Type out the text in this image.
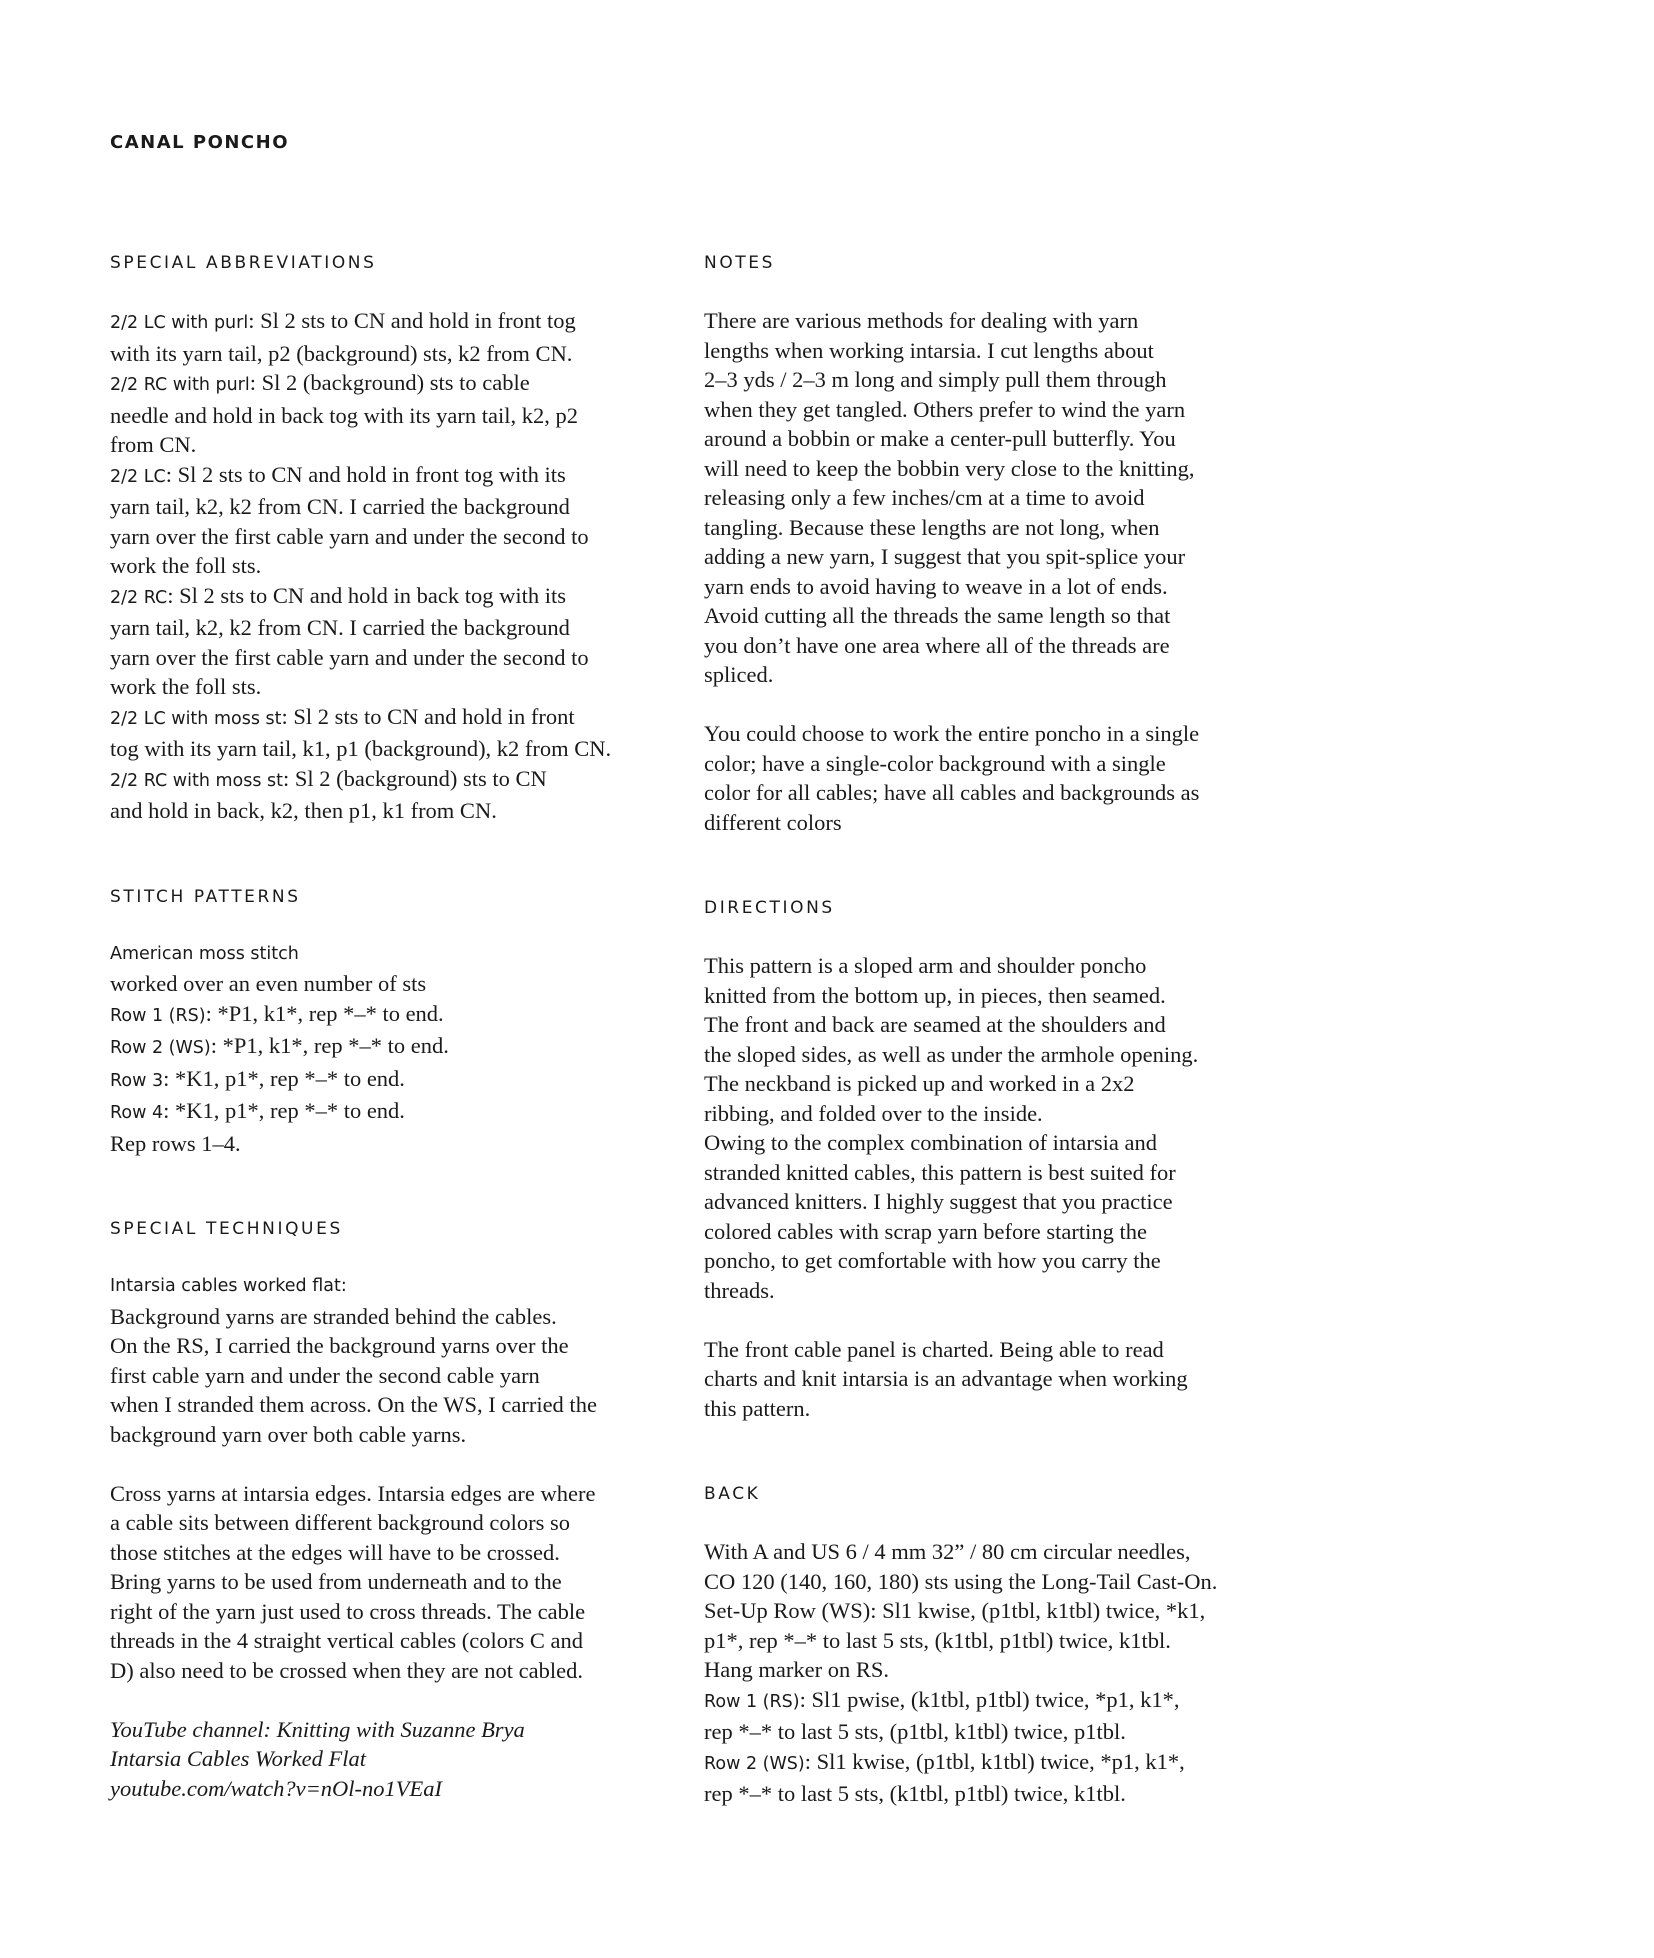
CANAL PONCHO
SPECIAL ABBREVIATIONS

2/2 LC with purl: Sl 2 sts to CN and hold in front tog
with its yarn tail, p2 (background) sts, k2 from CN.

2/2 RC with purl: Sl 2 (background) sts to cable
needle and hold in back tog with its yarn tail, k2, p2
from CN.

2/2 LC: Sl 2 sts to CN and hold in front tog with its
yarn tail, k2, k2 from CN. I carried the background
yarn over the first cable yarn and under the second to
work the foll sts.

2/2 RC: Sl 2 sts to CN and hold in back tog with its
yarn tail, k2, k2 from CN. I carried the background
yarn over the first cable yarn and under the second to
work the foll sts.

2/2 LC with moss st: Sl 2 sts to CN and hold in front
tog with its yarn tail, k1, p1 (background), k2 from CN.

2/2 RC with moss st: Sl 2 (background) sts to CN
and hold in back, k2, then p1, k1 from CN.

STITCH PATTERNS

American moss stitch

worked over an even number of sts

Row 1 (RS): *P1, k1*, rep *–* to end.

Row 2 (WS): *P1, k1*, rep *–* to end.

Row 3: *K1, p1*, rep *–* to end.

Row 4: *K1, p1*, rep *–* to end.

Rep rows 1–4.

SPECIAL TECHNIQUES

Intarsia cables worked flat:

Background yarns are stranded behind the cables.
On the RS, I carried the background yarns over the
first cable yarn and under the second cable yarn
when I stranded them across. On the WS, I carried the
background yarn over both cable yarns.

Cross yarns at intarsia edges. Intarsia edges are where
a cable sits between different background colors so
those stitches at the edges will have to be crossed.
Bring yarns to be used from underneath and to the
right of the yarn just used to cross threads. The cable
threads in the 4 straight vertical cables (colors C and
D) also need to be crossed when they are not cabled.

YouTube channel: Knitting with Suzanne Brya
Intarsia Cables Worked Flat
youtube.com/watch?v=nOl-no1VEaI

NOTES

There are various methods for dealing with yarn
lengths when working intarsia. I cut lengths about
2–3 yds / 2–3 m long and simply pull them through
when they get tangled. Others prefer to wind the yarn
around a bobbin or make a center-pull butterfly. You
will need to keep the bobbin very close to the knitting,
releasing only a few inches/cm at a time to avoid
tangling. Because these lengths are not long, when
adding a new yarn, I suggest that you spit-splice your
yarn ends to avoid having to weave in a lot of ends.
Avoid cutting all the threads the same length so that
you don’t have one area where all of the threads are
spliced.

You could choose to work the entire poncho in a single
color; have a single-color background with a single
color for all cables; have all cables and backgrounds as
different colors

DIRECTIONS

This pattern is a sloped arm and shoulder poncho
knitted from the bottom up, in pieces, then seamed.
The front and back are seamed at the shoulders and
the sloped sides, as well as under the armhole opening.
The neckband is picked up and worked in a 2x2
ribbing, and folded over to the inside.
Owing to the complex combination of intarsia and
stranded knitted cables, this pattern is best suited for
advanced knitters. I highly suggest that you practice
colored cables with scrap yarn before starting the
poncho, to get comfortable with how you carry the
threads.

The front cable panel is charted. Being able to read
charts and knit intarsia is an advantage when working
this pattern.

BACK

With A and US 6 / 4 mm 32” / 80 cm circular needles,
CO 120 (140, 160, 180) sts using the Long-Tail Cast-On.
Set-Up Row (WS): Sl1 kwise, (p1tbl, k1tbl) twice, *k1,
p1*, rep *–* to last 5 sts, (k1tbl, p1tbl) twice, k1tbl.
Hang marker on RS.

Row 1 (RS): Sl1 pwise, (k1tbl, p1tbl) twice, *p1, k1*,
rep *–* to last 5 sts, (p1tbl, k1tbl) twice, p1tbl.

Row 2 (WS): Sl1 kwise, (p1tbl, k1tbl) twice, *p1, k1*,
rep *–* to last 5 sts, (k1tbl, p1tbl) twice, k1tbl.
